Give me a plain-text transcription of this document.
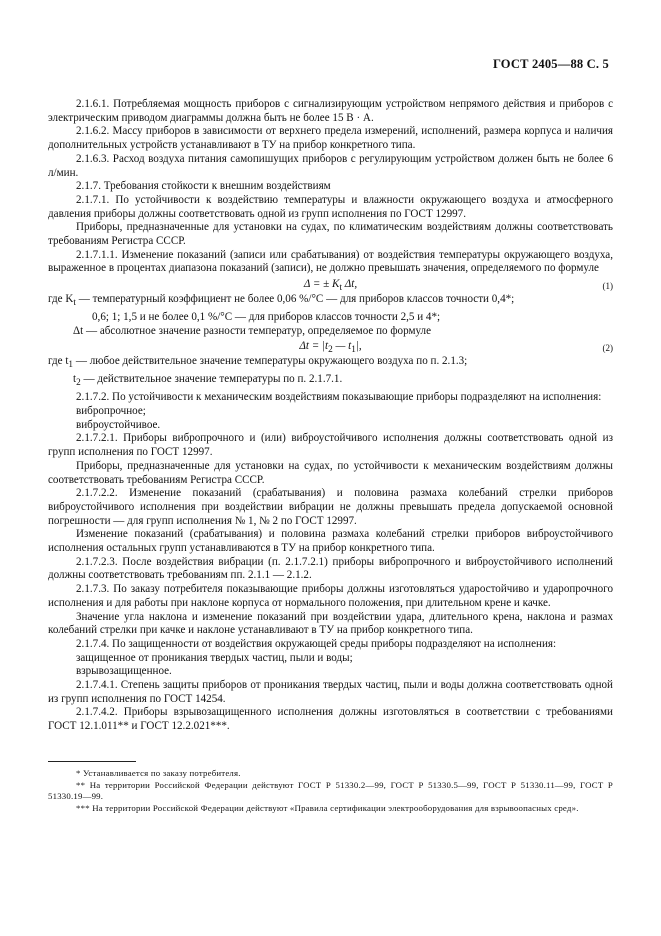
ГОСТ 2405—88 С. 5

2.1.6.1. Потребляемая мощность приборов с сигнализирующим устройством непрямого действия и приборов с электрическим приводом диаграммы должна быть не более 15 В · А.

2.1.6.2. Массу приборов в зависимости от верхнего предела измерений, исполнений, размера корпуса и наличия дополнительных устройств устанавливают в ТУ на прибор конкретного типа.

2.1.6.3. Расход воздуха питания самопишущих приборов с регулирующим устройством должен быть не более 6 л/мин.

2.1.7. Требования стойкости к внешним воздействиям

2.1.7.1. По устойчивости к воздействию температуры и влажности окружающего воздуха и атмосферного давления приборы должны соответствовать одной из групп исполнения по ГОСТ 12997.

Приборы, предназначенные для установки на судах, по климатическим воздействиям должны соответствовать требованиям Регистра СССР.

2.1.7.1.1. Изменение показаний (записи или срабатывания) от воздействия температуры окружающего воздуха, выраженное в процентах диапазона показаний (записи), не должно превышать значения, определяемого по формуле

Δ = ± $K_t$ Δt,	(1)

где $K_t$ — температурный коэффициент не более 0,06 %/°С — для приборов классов точности 0,4*;

0,6; 1; 1,5 и не более 0,1 %/°С — для приборов классов точности 2,5 и 4*;

Δt — абсолютное значение разности температур, определяемое по формуле

$\Delta t = |t_2$ — $t_1|$,	(2)

где $t_1$ — любое действительное значение температуры окружающего воздуха по п. 2.1.3;

$t_2$ — действительное значение температуры по п. 2.1.7.1.

2.1.7.2. По устойчивости к механическим воздействиям показывающие приборы подразделяют на исполнения:

вибропрочное;

виброустойчивое.

2.1.7.2.1. Приборы вибропрочного и (или) виброустойчивого исполнения должны соответствовать одной из групп исполнения по ГОСТ 12997.

Приборы, предназначенные для установки на судах, по устойчивости к механическим воздействиям должны соответствовать требованиям Регистра СССР.

2.1.7.2.2. Изменение показаний (срабатывания) и половина размаха колебаний стрелки приборов виброустойчивого исполнения при воздействии вибрации не должны превышать предела допускаемой основной погрешности — для групп исполнения № 1, № 2 по ГОСТ 12997.

Изменение показаний (срабатывания) и половина размаха колебаний стрелки приборов виброустойчивого исполнения остальных групп устанавливаются в ТУ на прибор конкретного типа.

2.1.7.2.3. После воздействия вибрации (п. 2.1.7.2.1) приборы вибропрочного и виброустойчивого исполнений должны соответствовать требованиям пп. 2.1.1 — 2.1.2.

2.1.7.3. По заказу потребителя показывающие приборы должны изготовляться ударостойчиво и ударопрочного исполнения и для работы при наклоне корпуса от нормального положения, при длительном крене и качке.

Значение угла наклона и изменение показаний при воздействии удара, длительного крена, наклона и размах колебаний стрелки при качке и наклоне устанавливают в ТУ на прибор конкретного типа.

2.1.7.4. По защищенности от воздействия окружающей среды приборы подразделяют на исполнения:

защищенное от проникания твердых частиц, пыли и воды;

взрывозащищенное.

2.1.7.4.1. Степень защиты приборов от проникания твердых частиц, пыли и воды должна соответствовать одной из групп исполнения по ГОСТ 14254.

2.1.7.4.2. Приборы взрывозащищенного исполнения должны изготовляться в соответствии с требованиями ГОСТ 12.1.011** и ГОСТ 12.2.021***.

* Устанавливается по заказу потребителя.

** На территории Российской Федерации действуют ГОСТ Р 51330.2—99, ГОСТ Р 51330.5—99, ГОСТ Р 51330.11—99, ГОСТ Р 51330.19—99.

*** На территории Российской Федерации действуют «Правила сертификации электрооборудования для взрывоопасных сред».
